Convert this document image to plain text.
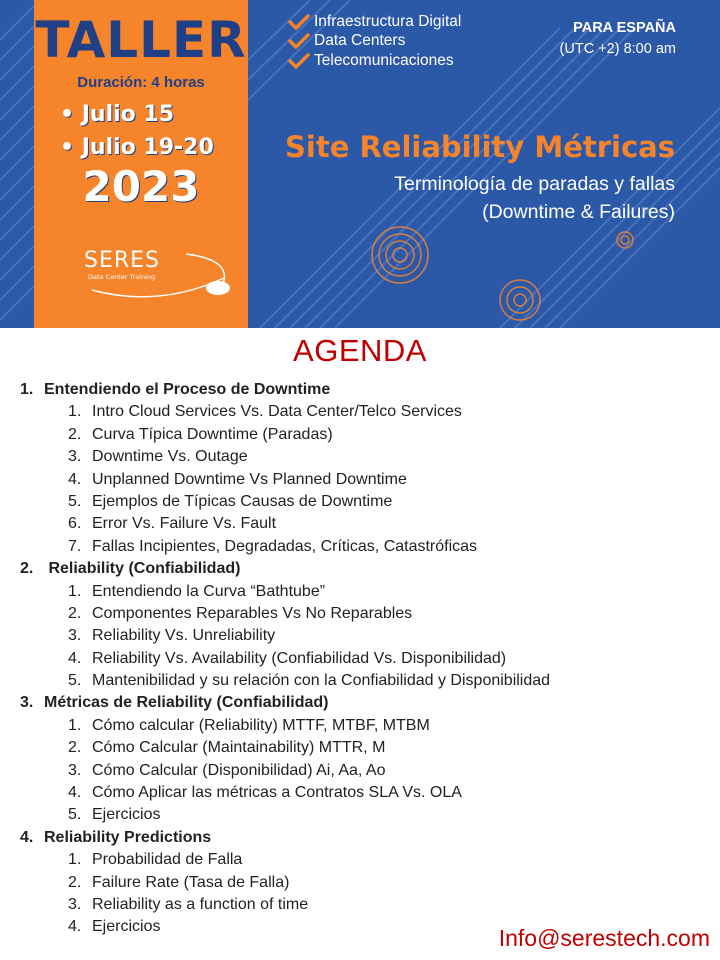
TALLER
Duración: 4 horas
• Julio 15
• Julio 19-20
2023
SERES
Data Center Training
Infraestructura Digital
Data Centers
Telecomunicaciones
PARA ESPAÑA
(UTC +2) 8:00 am
Site Reliability Métricas
Terminología de paradas y fallas
(Downtime & Failures)
AGENDA
1. Entendiendo el Proceso de Downtime
1. Intro Cloud Services Vs. Data Center/Telco Services
2. Curva Típica Downtime (Paradas)
3. Downtime Vs. Outage
4. Unplanned Downtime Vs Planned Downtime
5. Ejemplos de Típicas Causas de Downtime
6. Error Vs. Failure Vs. Fault
7. Fallas Incipientes, Degradadas, Críticas, Catastróficas
2. Reliability (Confiabilidad)
1. Entendiendo la Curva “Bathtube”
2. Componentes Reparables Vs No Reparables
3. Reliability Vs. Unreliability
4. Reliability Vs. Availability (Confiabilidad Vs. Disponibilidad)
5. Mantenibilidad y su relación con la Confiabilidad y Disponibilidad
3. Métricas de Reliability (Confiabilidad)
1. Cómo calcular (Reliability) MTTF, MTBF, MTBM
2. Cómo Calcular (Maintainability) MTTR, M
3. Cómo Calcular (Disponibilidad) Ai, Aa, Ao
4. Cómo Aplicar las métricas a Contratos SLA Vs. OLA
5. Ejercicios
4. Reliability Predictions
1. Probabilidad de Falla
2. Failure Rate (Tasa de Falla)
3. Reliability as a function of time
4. Ejercicios	Info@serestech.com
